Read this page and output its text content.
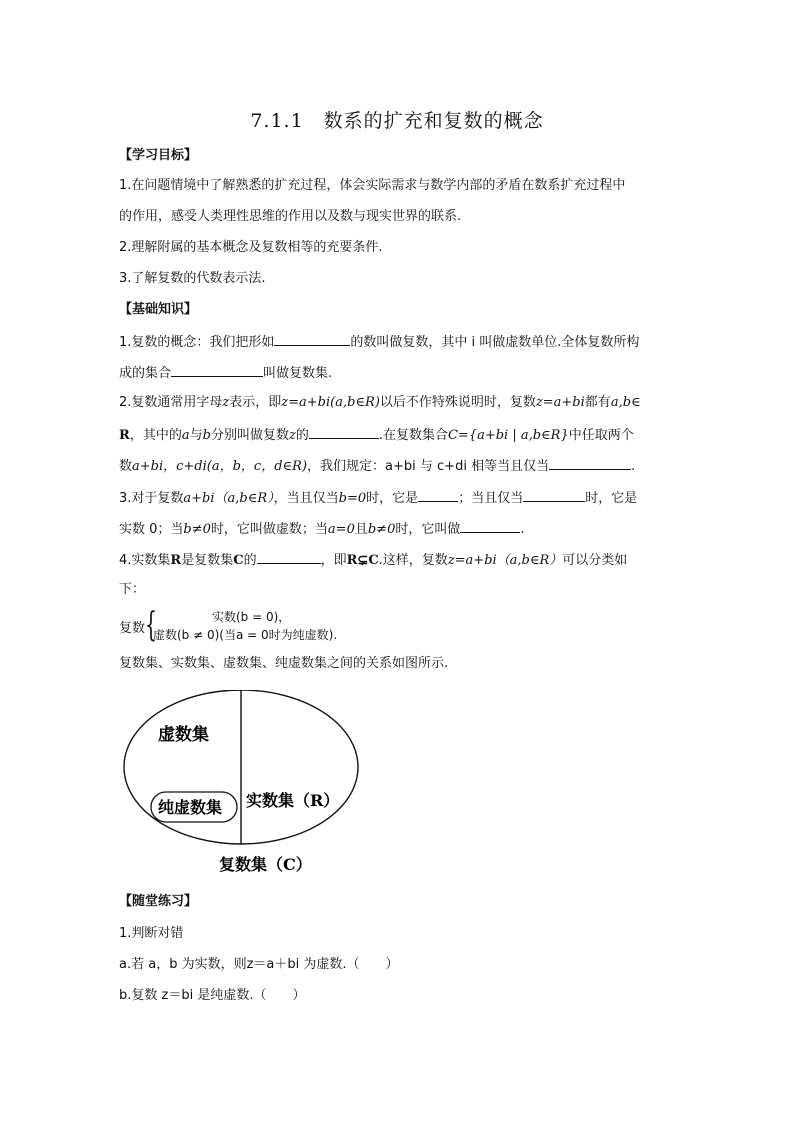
7.1.1　数系的扩充和复数的概念
【学习目标】
1.在问题情境中了解熟悉的扩充过程，体会实际需求与数学内部的矛盾在数系扩充过程中
的作用，感受人类理性思维的作用以及数与现实世界的联系.
2.理解附属的基本概念及复数相等的充要条件.
3.了解复数的代数表示法.
【基础知识】
1.复数的概念：我们把形如	的数叫做复数，其中 i 叫做虚数单位.全体复数所构
成的集合	叫做复数集.
2.复数通常用字母z表示，即z=a+bi(a,b∈R)以后不作特殊说明时，复数z=a+bi都有a,b∈
R，其中的a与b分别叫做复数z的	.在复数集合C={a+bi | a,b∈R}中任取两个
数a+bi，c+di(a，b，c，d∈R)，我们规定：a+bi 与 c+di 相等当且仅当	.
3.对于复数a+bi（a,b∈R），当且仅当b=0时，它是	；当且仅当	时，它是
实数 0；当b≠0时，它叫做虚数；当a=0且b≠0时，它叫做	.
4.实数集R是复数集C的	，即R⊊C.这样，复数z=a+bi（a,b∈R）可以分类如
下：
复数 {	实数(b = 0)，
虚数(b ≠ 0)(当a = 0时为纯虚数).
复数集、实数集、虚数集、纯虚数集之间的关系如图所示.
虚数集
纯虚数集 实数集（R）
复数集（C）
【随堂练习】
1.判断对错
a.若 a，b 为实数，则z＝a＋bi 为虚数.（　　）
b.复数 z＝bi 是纯虚数.（　　）
